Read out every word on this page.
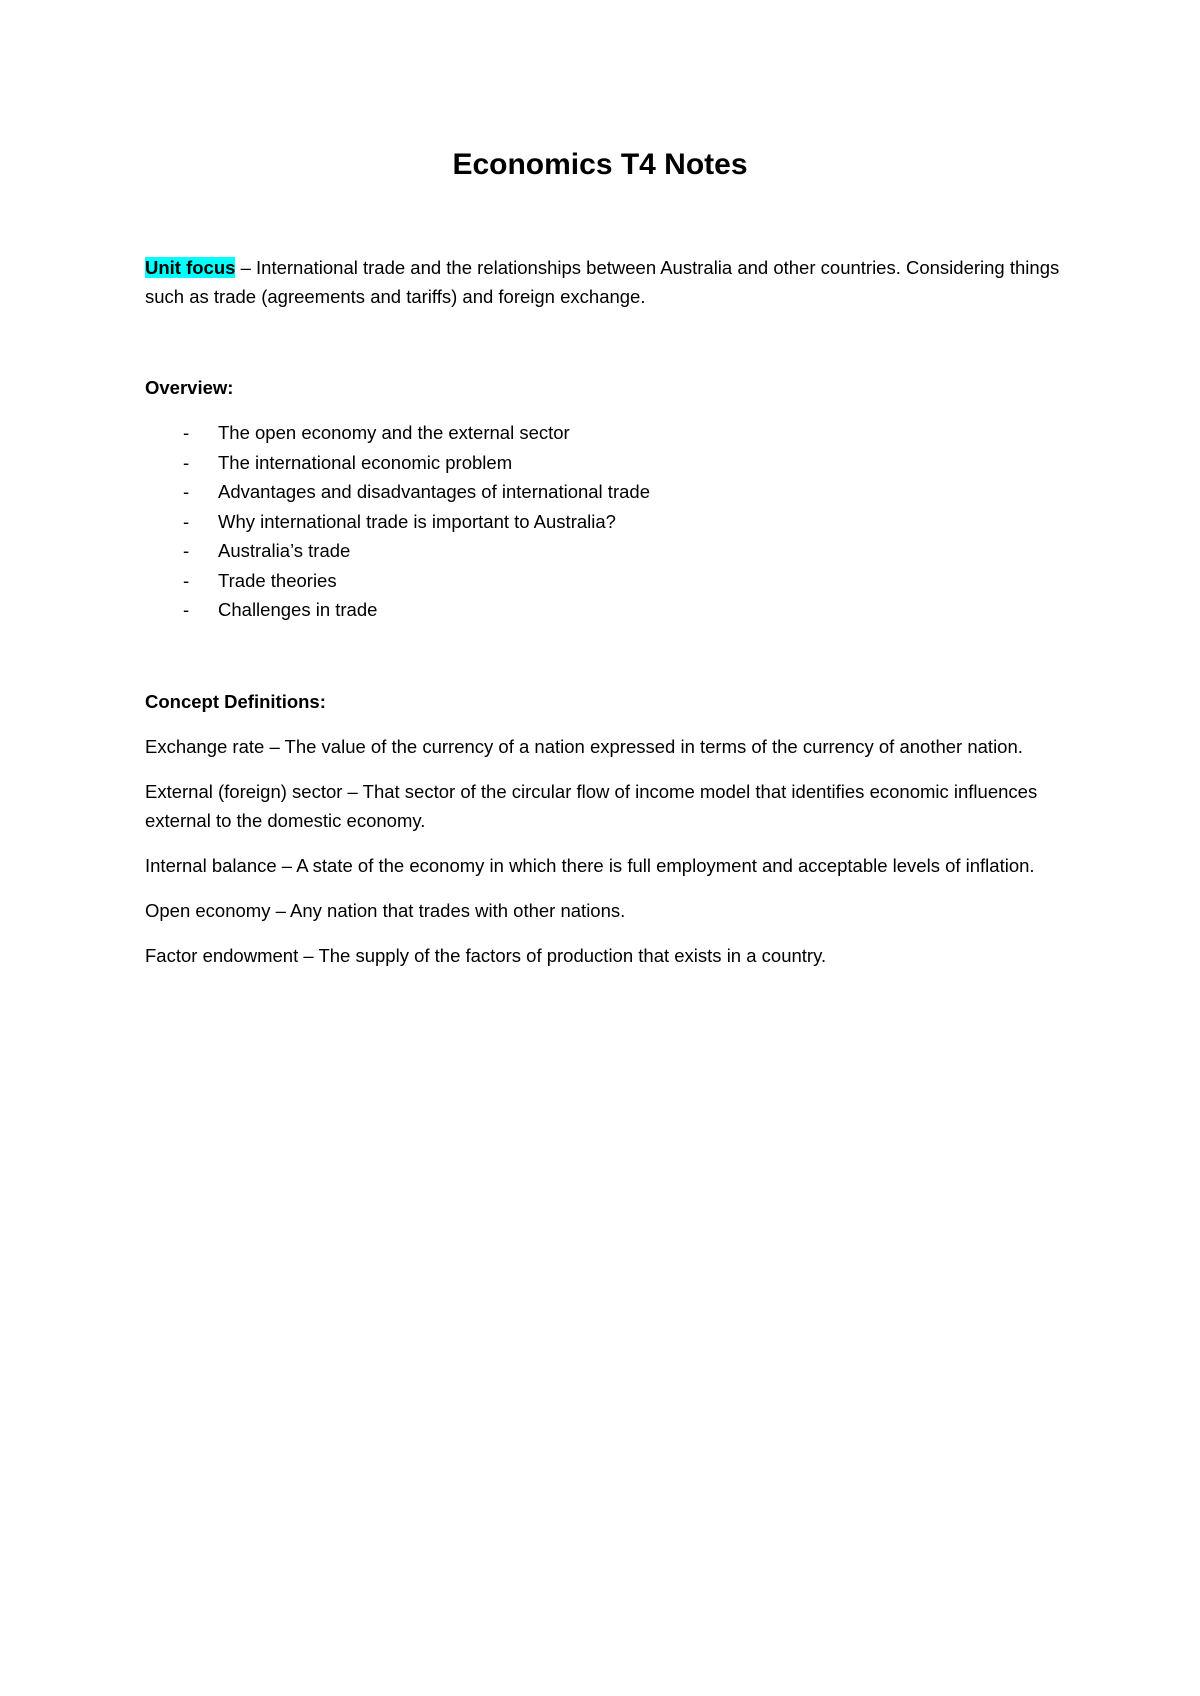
Economics T4 Notes

Unit focus – International trade and the relationships between Australia and other countries. Considering things such as trade (agreements and tariffs) and foreign exchange.

Overview:

- The open economy and the external sector
- The international economic problem
- Advantages and disadvantages of international trade
- Why international trade is important to Australia?
- Australia’s trade
- Trade theories
- Challenges in trade

Concept Definitions:

Exchange rate – The value of the currency of a nation expressed in terms of the currency of another nation.

External (foreign) sector – That sector of the circular flow of income model that identifies economic influences external to the domestic economy.

Internal balance – A state of the economy in which there is full employment and acceptable levels of inflation.

Open economy – Any nation that trades with other nations.

Factor endowment – The supply of the factors of production that exists in a country.
